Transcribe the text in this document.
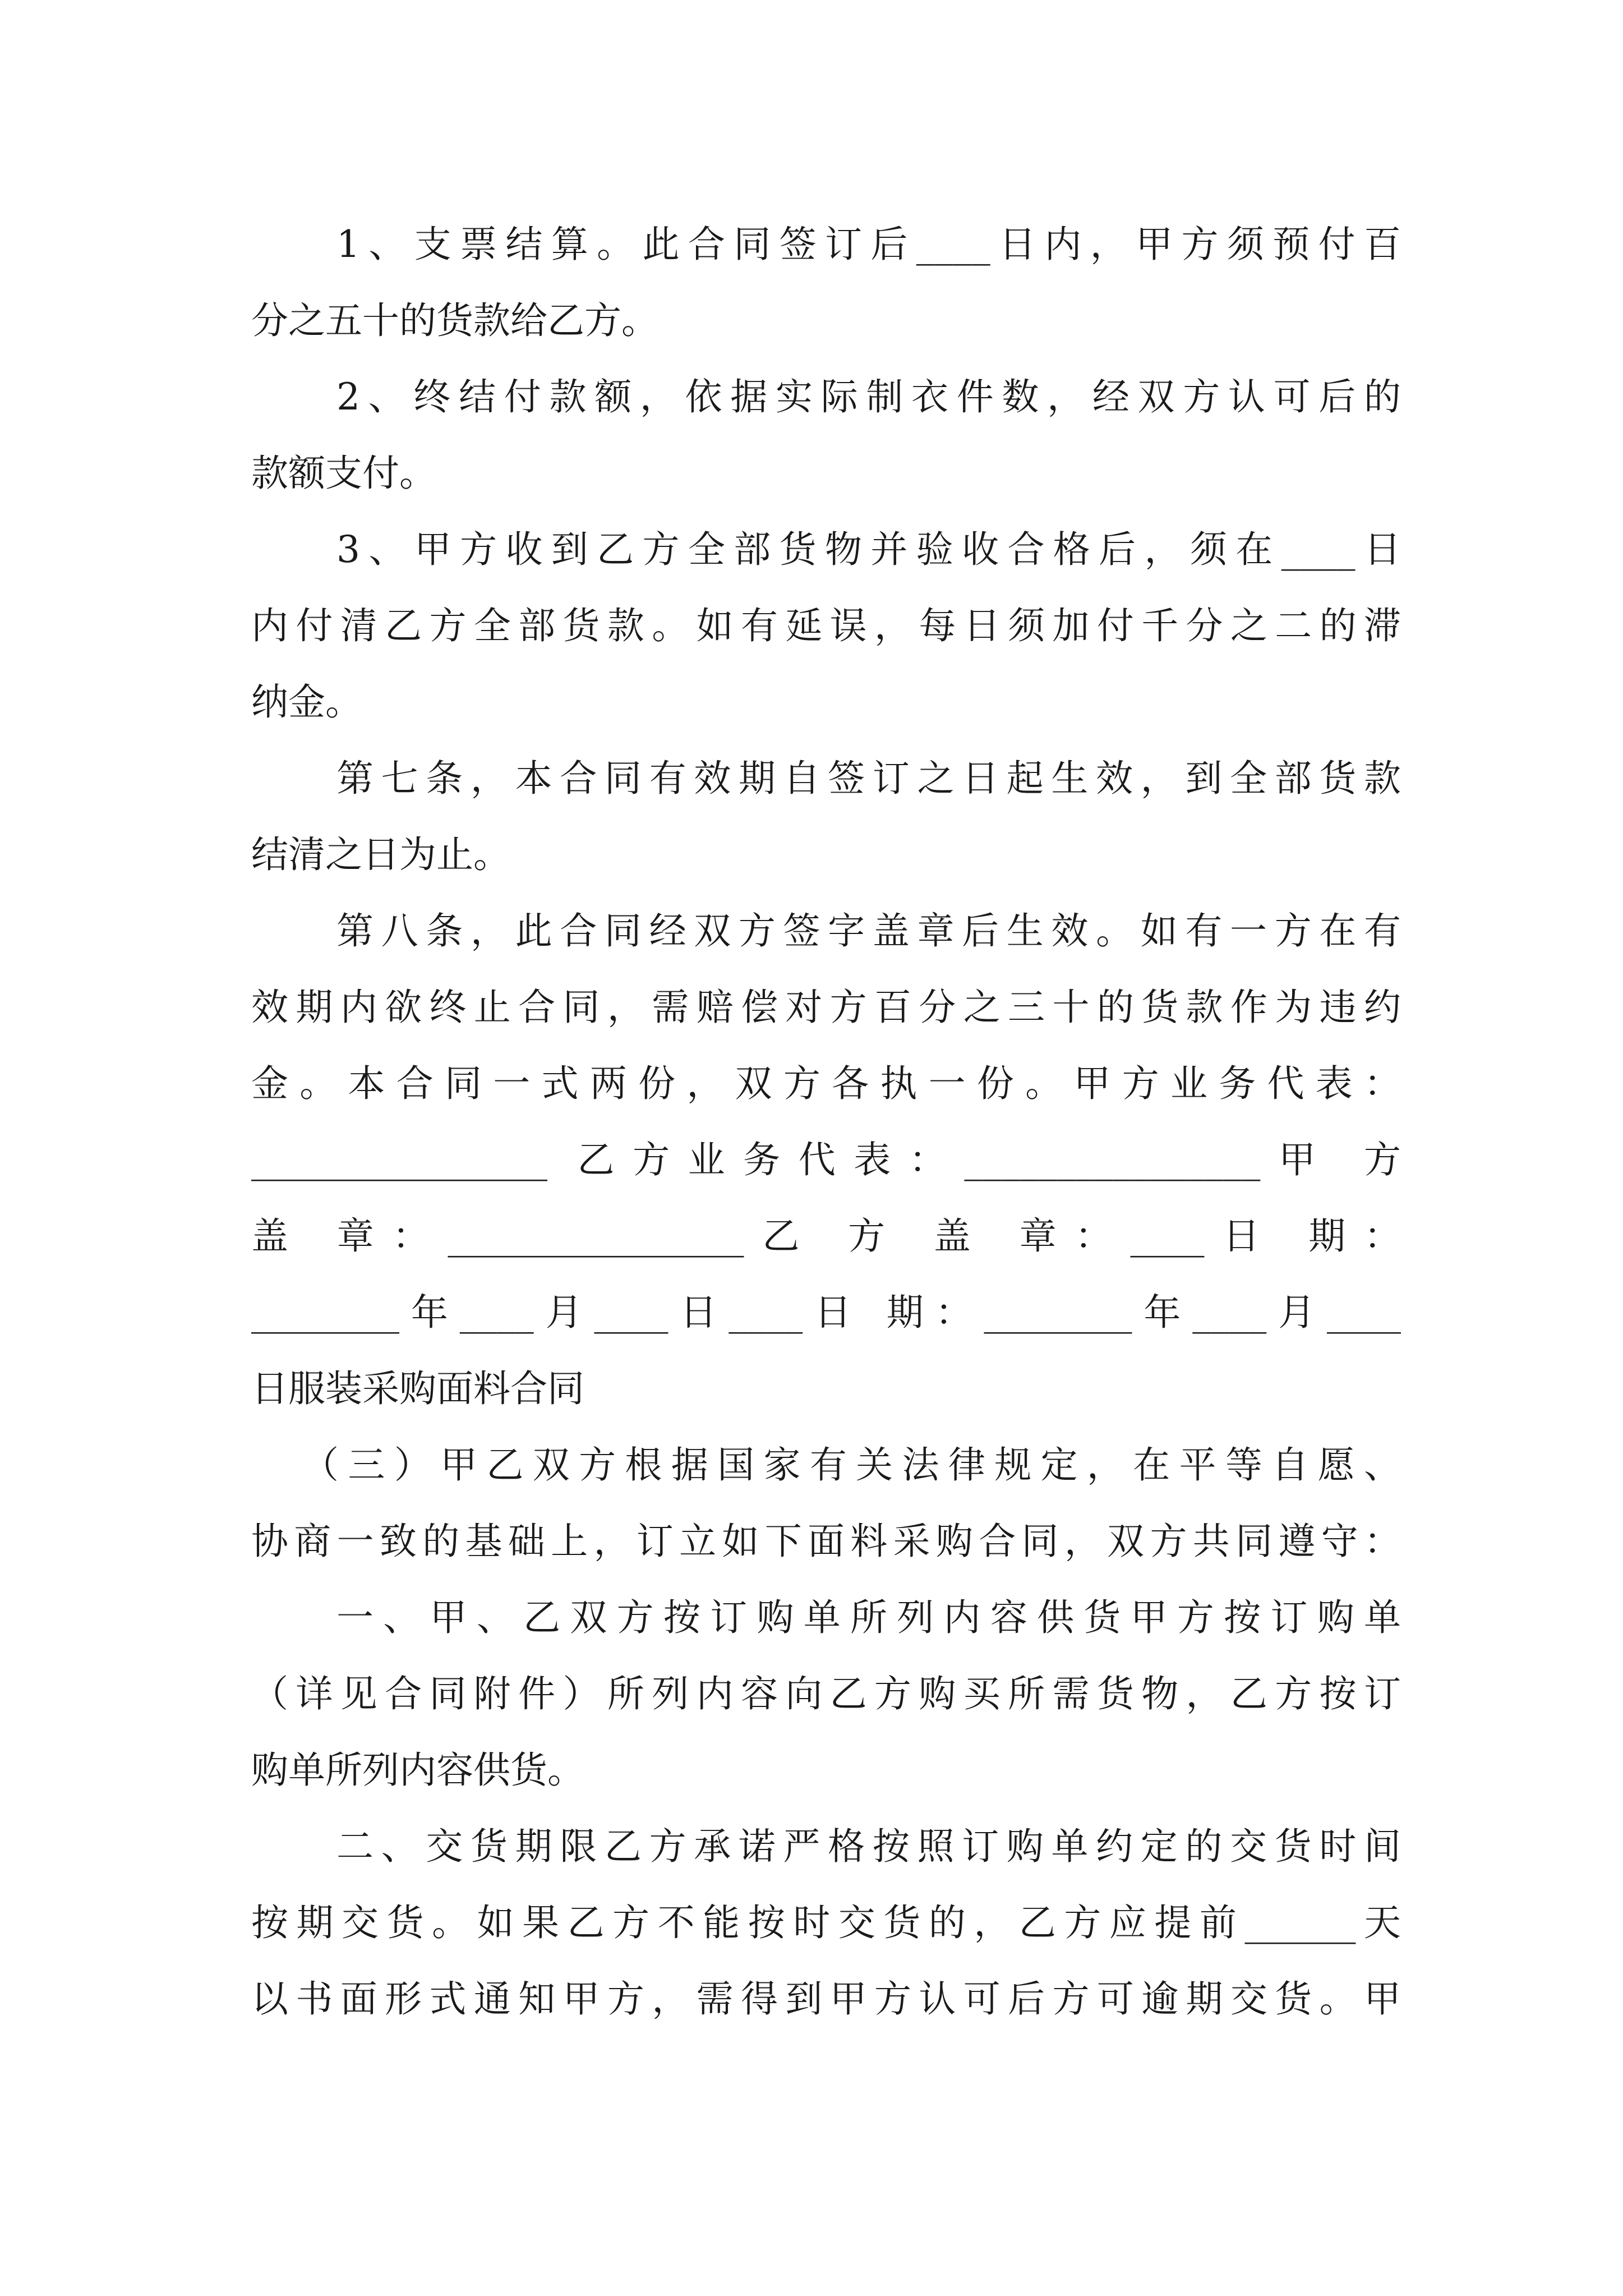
1、支票结算。此合同签订后____日内，甲方须预付百
分之五十的货款给乙方。
2、终结付款额，依据实际制衣件数，经双方认可后的
款额支付。
3、甲方收到乙方全部货物并验收合格后，须在____日
内付清乙方全部货款。如有延误，每日须加付千分之二的滞
纳金。
第七条，本合同有效期自签订之日起生效，到全部货款
结清之日为止。
第八条，此合同经双方签字盖章后生效。如有一方在有
效期内欲终止合同，需赔偿对方百分之三十的货款作为违约
金。本合同一式两份，双方各执一份。甲方业务代表：
________________ 乙方业务代表：________________甲 方
盖 章：________________乙 方 盖 章：____日 期：
________年____月____日____日 期：________年____月____
日服装采购面料合同
（三）甲乙双方根据国家有关法律规定，在平等自愿、
协商一致的基础上，订立如下面料采购合同，双方共同遵守：
一、甲、乙双方按订购单所列内容供货甲方按订购单
（详见合同附件）所列内容向乙方购买所需货物，乙方按订
购单所列内容供货。
二、交货期限乙方承诺严格按照订购单约定的交货时间
按期交货。如果乙方不能按时交货的，乙方应提前______天
以书面形式通知甲方，需得到甲方认可后方可逾期交货。甲
